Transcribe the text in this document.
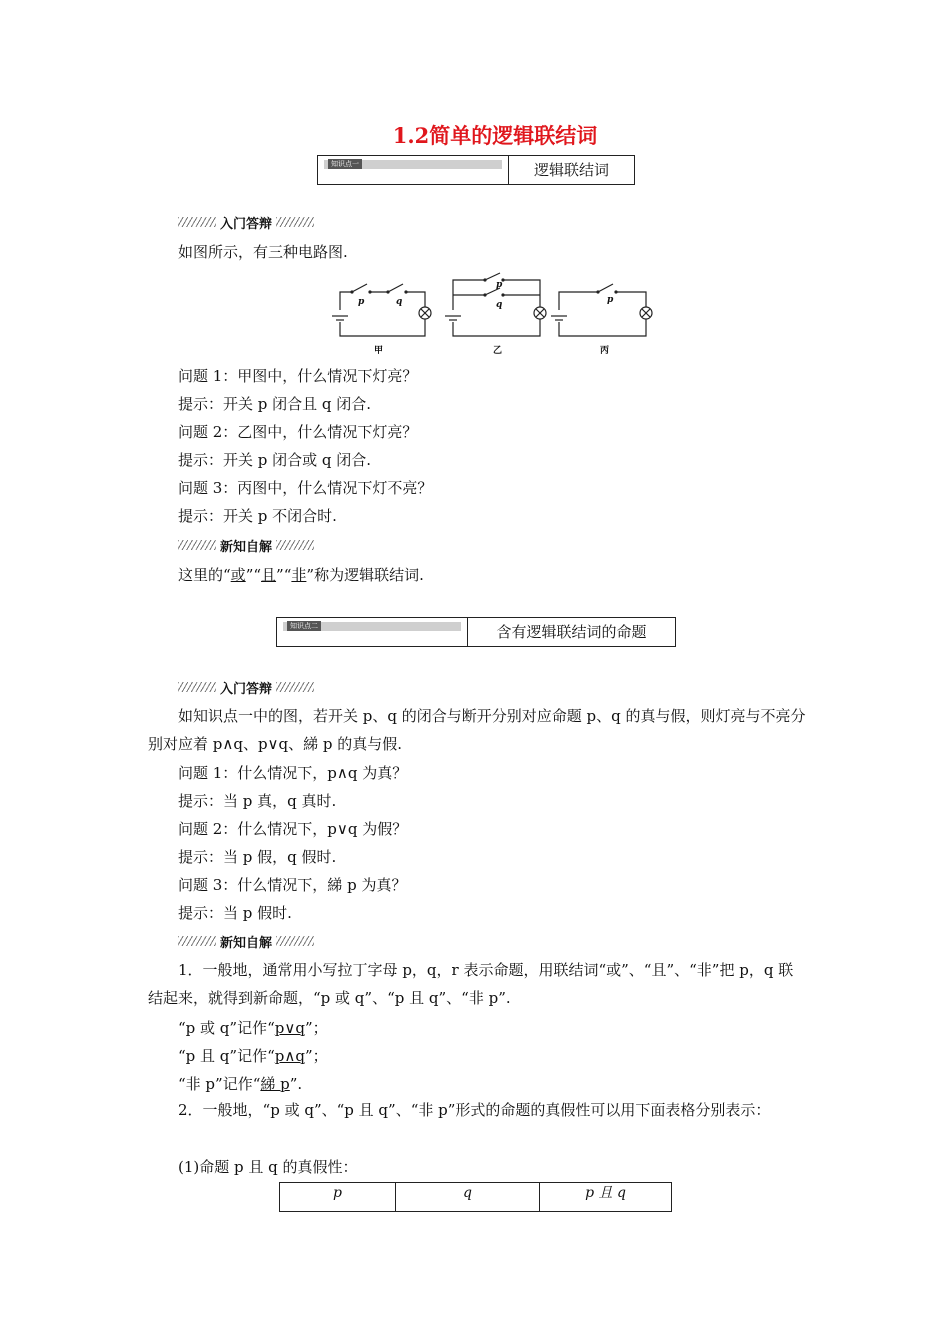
1.2简单的逻辑联结词
知识点一	逻辑联结词
入门答辩
如图所示，有三种电路图.
p	q
p
q	p
甲	乙	丙
问题 1：甲图中，什么情况下灯亮？
提示：开关 p 闭合且 q 闭合.
问题 2：乙图中，什么情况下灯亮？
提示：开关 p 闭合或 q 闭合.
问题 3：丙图中，什么情况下灯不亮？
提示：开关 p 不闭合时.
新知自解
这里的“或”“且”“非”称为逻辑联结词.
知识点二	含有逻辑联结词的命题
入门答辩
如知识点一中的图，若开关 p、q 的闭合与断开分别对应命题 p、q 的真与假，则灯亮与不亮分别对应着 p∧q、p∨q、綈 p 的真与假.
问题 1：什么情况下，p∧q 为真？
提示：当 p 真，q 真时.
问题 2：什么情况下，p∨q 为假？
提示：当 p 假，q 假时.
问题 3：什么情况下，綈 p 为真？
提示：当 p 假时.
新知自解
1．一般地，通常用小写拉丁字母 p，q，r 表示命题，用联结词“或”、“且”、“非”把 p，q 联结起来，就得到新命题，“p 或 q”、“p 且 q”、“非 p”.
“p 或 q”记作“p∨q”；
“p 且 q”记作“p∧q”；
“非 p”记作“綈 p”.
2．一般地，“p 或 q”、“p 且 q”、“非 p”形式的命题的真假性可以用下面表格分别表示：
(1)命题 p 且 q 的真假性：
p	q	p 且 q
